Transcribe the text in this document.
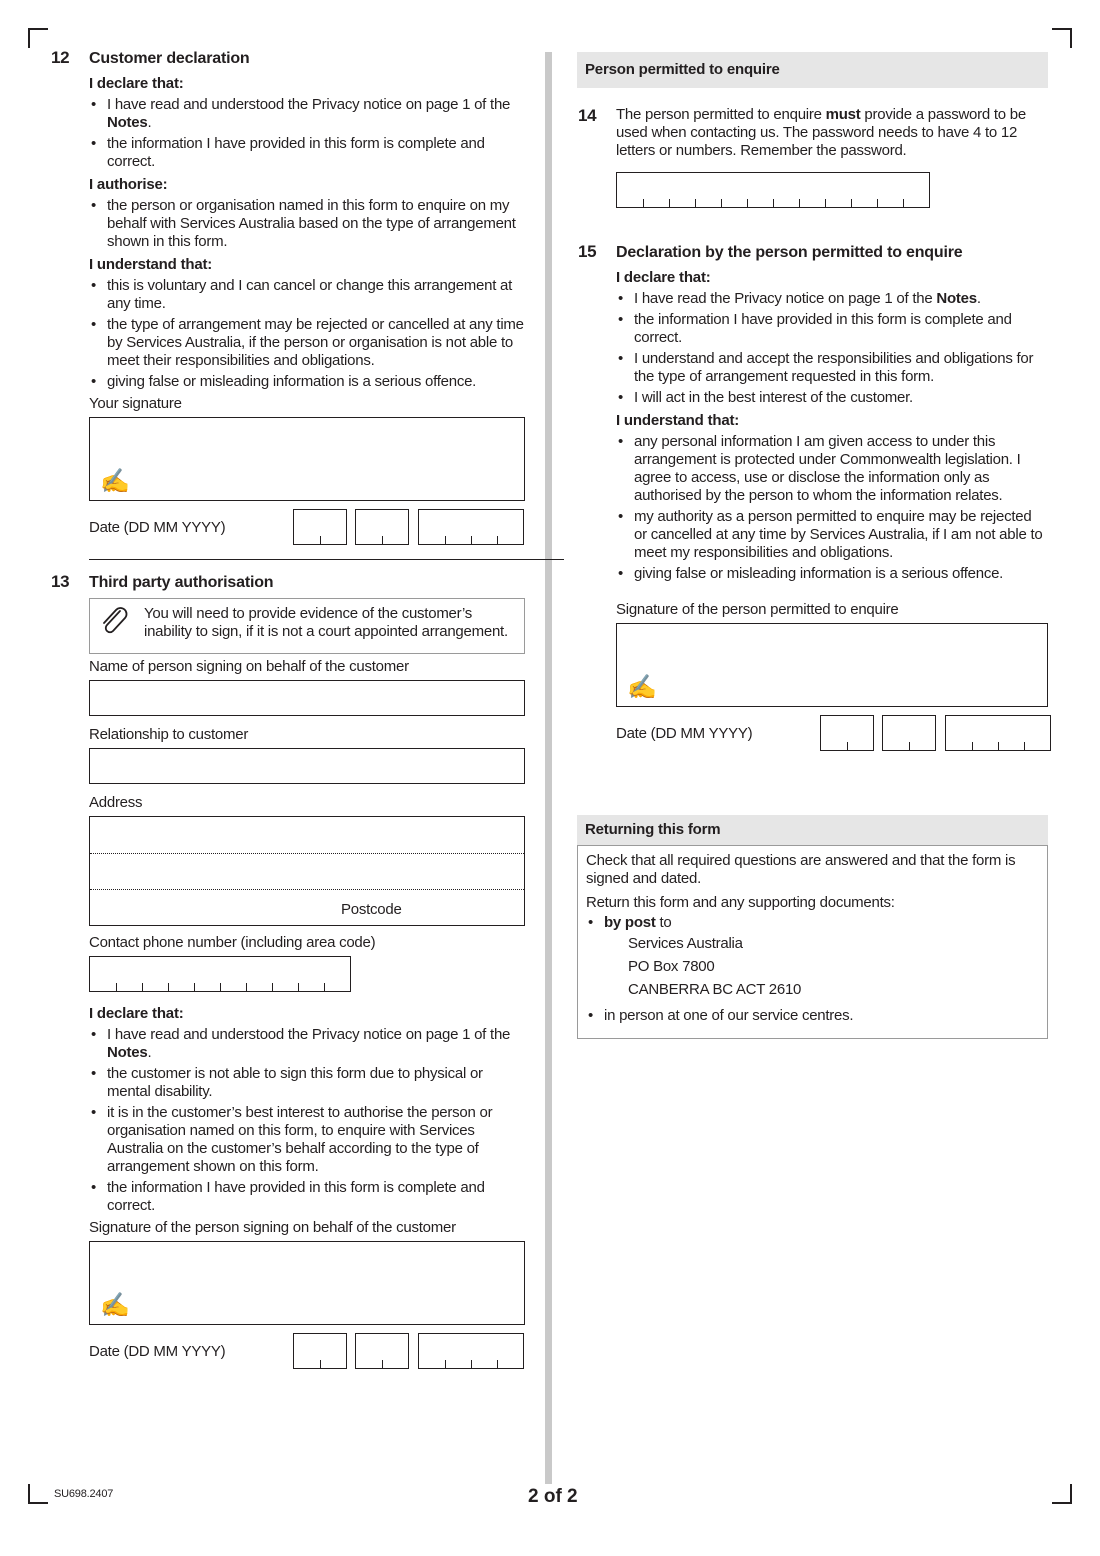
12 Customer declaration
I declare that:
• I have read and understood the Privacy notice on page 1 of the Notes.
• the information I have provided in this form is complete and correct.
I authorise:
• the person or organisation named in this form to enquire on my behalf with Services Australia based on the type of arrangement shown in this form.
I understand that:
• this is voluntary and I can cancel or change this arrangement at any time.
• the type of arrangement may be rejected or cancelled at any time by Services Australia, if the person or organisation is not able to meet their responsibilities and obligations.
• giving false or misleading information is a serious offence.
Your signature
✍
Date (DD MM YYYY)
13 Third party authorisation
You will need to provide evidence of the customer’s inability to sign, if it is not a court appointed arrangement.
Name of person signing on behalf of the customer
Relationship to customer
Address
Postcode
Contact phone number (including area code)
I declare that:
• I have read and understood the Privacy notice on page 1 of the Notes.
• the customer is not able to sign this form due to physical or mental disability.
• it is in the customer’s best interest to authorise the person or organisation named on this form, to enquire with Services Australia on the customer’s behalf according to the type of arrangement shown on this form.
• the information I have provided in this form is complete and correct.
Signature of the person signing on behalf of the customer
✍
Date (DD MM YYYY)
Person permitted to enquire
14 The person permitted to enquire must provide a password to be used when contacting us. The password needs to have 4 to 12 letters or numbers. Remember the password.
15 Declaration by the person permitted to enquire
I declare that:
• I have read the Privacy notice on page 1 of the Notes.
• the information I have provided in this form is complete and correct.
• I understand and accept the responsibilities and obligations for the type of arrangement requested in this form.
• I will act in the best interest of the customer.
I understand that:
• any personal information I am given access to under this arrangement is protected under Commonwealth legislation. I agree to access, use or disclose the information only as authorised by the person to whom the information relates.
• my authority as a person permitted to enquire may be rejected or cancelled at any time by Services Australia, if I am not able to meet my responsibilities and obligations.
• giving false or misleading information is a serious offence.
Signature of the person permitted to enquire
✍
Date (DD MM YYYY)
Returning this form
Check that all required questions are answered and that the form is signed and dated.
Return this form and any supporting documents:
• by post to
Services Australia
PO Box 7800
CANBERRA BC ACT 2610
• in person at one of our service centres.
SU698.2407	2 of 2
